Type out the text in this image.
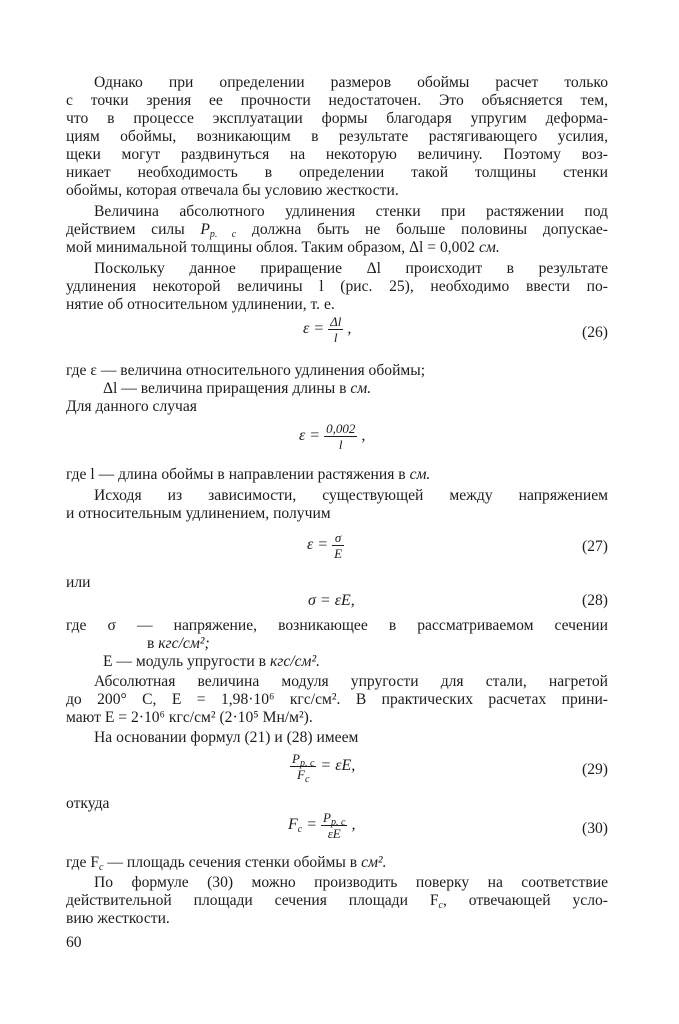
Однако при определении размеров обоймы расчет только
с точки зрения ее прочности недостаточен. Это объясняется тем,
что в процессе эксплуатации формы благодаря упругим деформа-
циям обоймы, возникающим в результате растягивающего усилия,
щеки могут раздвинуться на некоторую величину. Поэтому воз-
никает необходимость в определении такой толщины стенки
обоймы, которая отвечала бы условию жесткости.
Величина абсолютного удлинения стенки при растяжении под
действием силы $P_{p. c}$ должна быть не больше половины допускае-
мой минимальной толщины облоя. Таким образом, Δl = 0,002 см.
Поскольку данное приращение Δl происходит в результате
удлинения некоторой величины l (рис. 25), необходимо ввести по-
нятие об относительном удлинении, т. е.
$\varepsilon = \frac{\Delta l}{l}$ ,	(26)
где ε — величина относительного удлинения обоймы;
Δl — величина приращения длины в см.
Для данного случая
$\varepsilon = \frac{0,002}{l}$ ,
где l — длина обоймы в направлении растяжения в см.
Исходя из зависимости, существующей между напряжением
и относительным удлинением, получим
$\varepsilon = \frac{\sigma}{E}$	(27)
или
σ = εE,	(28)
где σ — напряжение, возникающее в рассматриваемом сечении
в кгс/см²;
E — модуль упругости в кгс/см².
Абсолютная величина модуля упругости для стали, нагретой
до 200° С, E = 1,98·10⁶ кгс/см². В практических расчетах прини-
мают E = 2·10⁶ кгс/см² (2·10⁵ Мн/м²).
На основании формул (21) и (28) имеем
$\frac{P_{p. c}}{F_c} = \varepsilon E$,	(29)
откуда
$F_c = \frac{P_{p. c}}{\varepsilon E}$ ,	(30)
где $F_c$ — площадь сечения стенки обоймы в см².
По формуле (30) можно производить поверку на соответствие
действительной площади сечения площади $F_c$, отвечающей усло-
вию жесткости.
60
